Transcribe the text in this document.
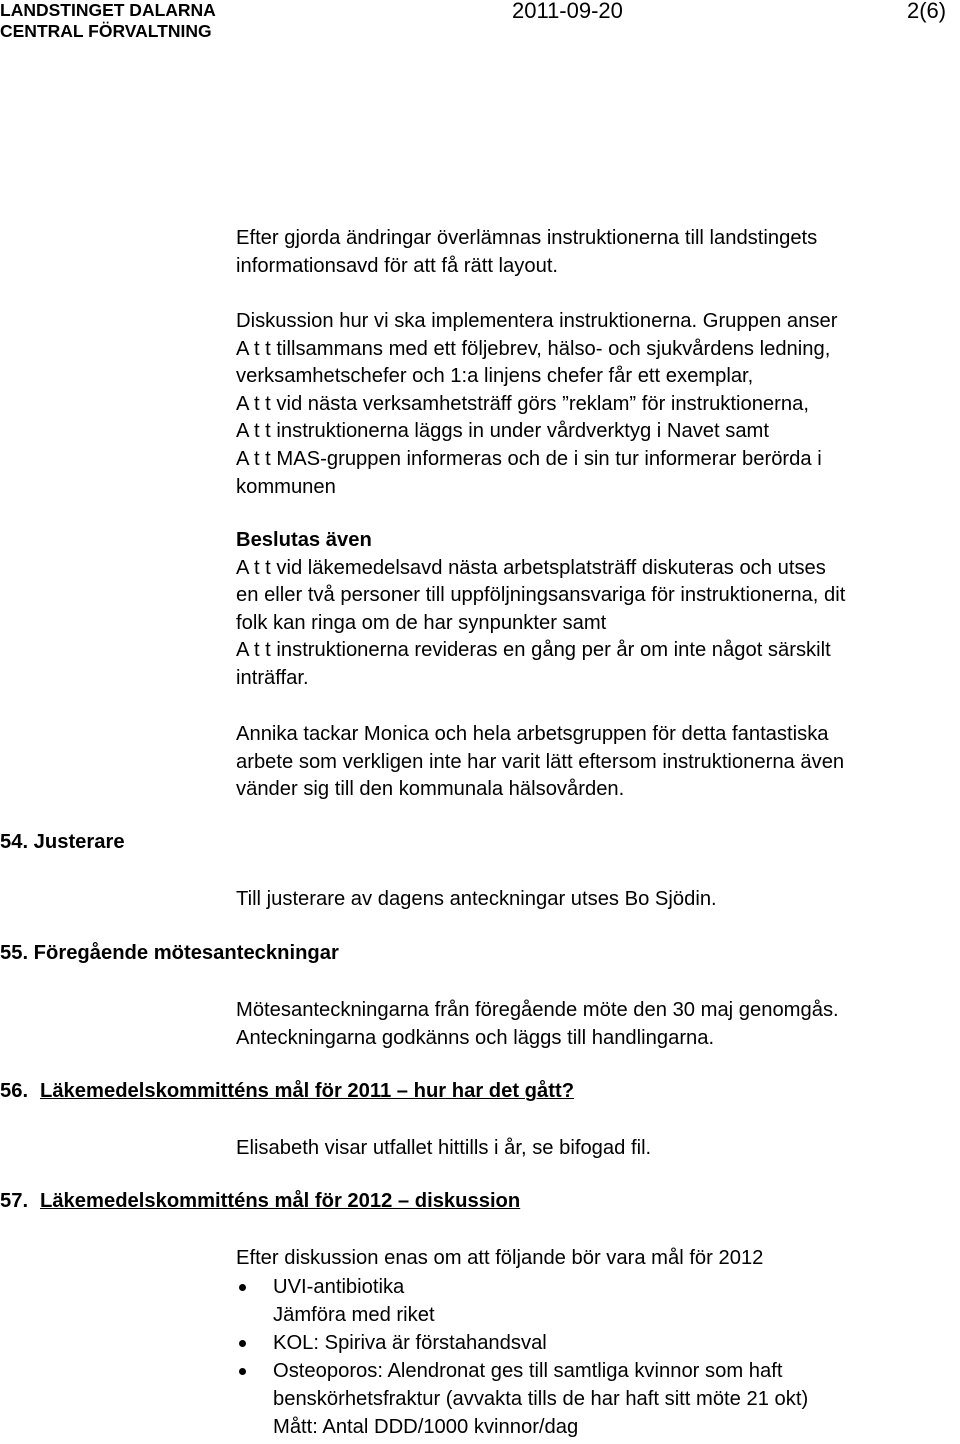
LANDSTINGET DALARNA
CENTRAL FÖRVALTNING
2011-09-20	2(6)
Efter gjorda ändringar överlämnas instruktionerna till landstingets
informationsavd för att få rätt layout.
Diskussion hur vi ska implementera instruktionerna. Gruppen anser
A t t tillsammans med ett följebrev, hälso- och sjukvårdens ledning,
verksamhetschefer och 1:a linjens chefer får ett exemplar,
A t t vid nästa verksamhetsträff görs ”reklam” för instruktionerna,
A t t instruktionerna läggs in under vårdverktyg i Navet samt
A t t MAS-gruppen informeras och de i sin tur informerar berörda i
kommunen
Beslutas även
A t t vid läkemedelsavd nästa arbetsplatsträff diskuteras och utses
en eller två personer till uppföljningsansvariga för instruktionerna, dit
folk kan ringa om de har synpunkter samt
A t t instruktionerna revideras en gång per år om inte något särskilt
inträffar.
Annika tackar Monica och hela arbetsgruppen för detta fantastiska
arbete som verkligen inte har varit lätt eftersom instruktionerna även
vänder sig till den kommunala hälsovården.
54. Justerare
Till justerare av dagens anteckningar utses Bo Sjödin.
55. Föregående mötesanteckningar
Mötesanteckningarna från föregående möte den 30 maj genomgås.
Anteckningarna godkänns och läggs till handlingarna.
56. Läkemedelskommitténs mål för 2011 – hur har det gått?
Elisabeth visar utfallet hittills i år, se bifogad fil.
57. Läkemedelskommitténs mål för 2012 – diskussion
Efter diskussion enas om att följande bör vara mål för 2012
UVI-antibiotika
Jämföra med riket
KOL: Spiriva är förstahandsval
Osteoporos: Alendronat ges till samtliga kvinnor som haft
benskörhetsfraktur (avvakta tills de har haft sitt möte 21 okt)
Mått: Antal DDD/1000 kvinnor/dag
